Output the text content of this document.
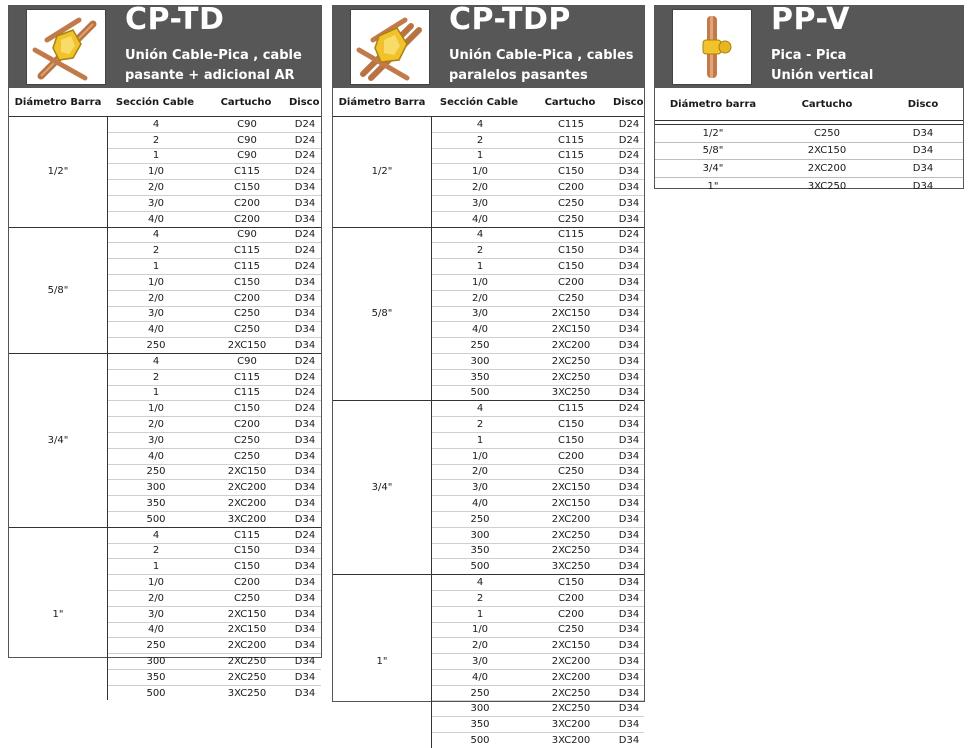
CP-TD
Unión Cable-Pica , cable
pasante + adicional AR
Diámetro Barra	Sección Cable	Cartucho	Disco
1/2"
4	C90	D24
2	C90	D24
1	C90	D24
1/0	C115	D24
2/0	C150	D34
3/0	C200	D34
4/0	C200	D34
5/8"
4	C90	D24
2	C115	D24
1	C115	D24
1/0	C150	D34
2/0	C200	D34
3/0	C250	D34
4/0	C250	D34
250	2XC150	D34
3/4"
4	C90	D24
2	C115	D24
1	C115	D24
1/0	C150	D24
2/0	C200	D34
3/0	C250	D34
4/0	C250	D34
250	2XC150	D34
300	2XC200	D34
350	2XC200	D34
500	3XC200	D34
1"
4	C115	D24
2	C150	D34
1	C150	D34
1/0	C200	D34
2/0	C250	D34
3/0	2XC150	D34
4/0	2XC150	D34
250	2XC200	D34
300	2XC250	D34
350	2XC250	D34
500	3XC250	D34
CP-TDP
Unión Cable-Pica , cables
paralelos pasantes
Diámetro Barra	Sección Cable	Cartucho	Disco
1/2"
4	C115	D24
2	C115	D24
1	C115	D24
1/0	C150	D34
2/0	C200	D34
3/0	C250	D34
4/0	C250	D34
5/8"
4	C115	D24
2	C150	D34
1	C150	D34
1/0	C200	D34
2/0	C250	D34
3/0	2XC150	D34
4/0	2XC150	D34
250	2XC200	D34
300	2XC250	D34
350	2XC250	D34
500	3XC250	D34
3/4"
4	C115	D24
2	C150	D34
1	C150	D34
1/0	C200	D34
2/0	C250	D34
3/0	2XC150	D34
4/0	2XC150	D34
250	2XC200	D34
300	2XC250	D34
350	2XC250	D34
500	3XC250	D34
1"
4	C150	D34
2	C200	D34
1	C200	D34
1/0	C250	D34
2/0	2XC150	D34
3/0	2XC200	D34
4/0	2XC200	D34
250	2XC250	D34
300	2XC250	D34
350	3XC200	D34
500	3XC200	D34
PP-V
Pica - Pica
Unión vertical
Diámetro barra	Cartucho	Disco
1/2"	C250	D34
5/8"	2XC150	D34
3/4"	2XC200	D34
1"	3XC250	D34
